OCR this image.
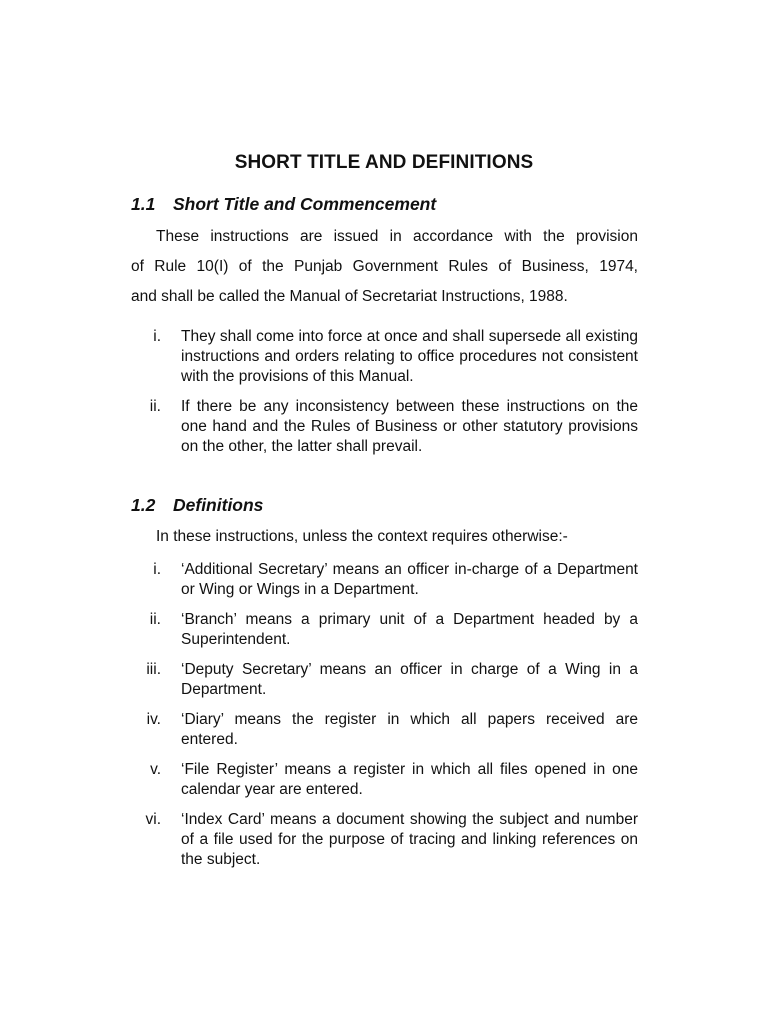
SHORT TITLE AND DEFINITIONS
1.1 Short Title and Commencement
These instructions are issued in accordance with the provision
of Rule 10(I) of the Punjab Government Rules of Business, 1974,
and shall be called the Manual of Secretariat Instructions, 1988.
i. They shall come into force at once and shall supersede all existing instructions and orders relating to office procedures not consistent with the provisions of this Manual.
ii. If there be any inconsistency between these instructions on the one hand and the Rules of Business or other statutory provisions on the other, the latter shall prevail.
1.2 Definitions
In these instructions, unless the context requires otherwise:-
i. ‘Additional Secretary’ means an officer in-charge of a Department or Wing or Wings in a Department.
ii. ‘Branch’ means a primary unit of a Department headed by a Superintendent.
iii. ‘Deputy Secretary’ means an officer in charge of a Wing in a Department.
iv. ‘Diary’ means the register in which all papers received are entered.
v. ‘File Register’ means a register in which all files opened in one calendar year are entered.
vi. ‘Index Card’ means a document showing the subject and number of a file used for the purpose of tracing and linking references on the subject.
